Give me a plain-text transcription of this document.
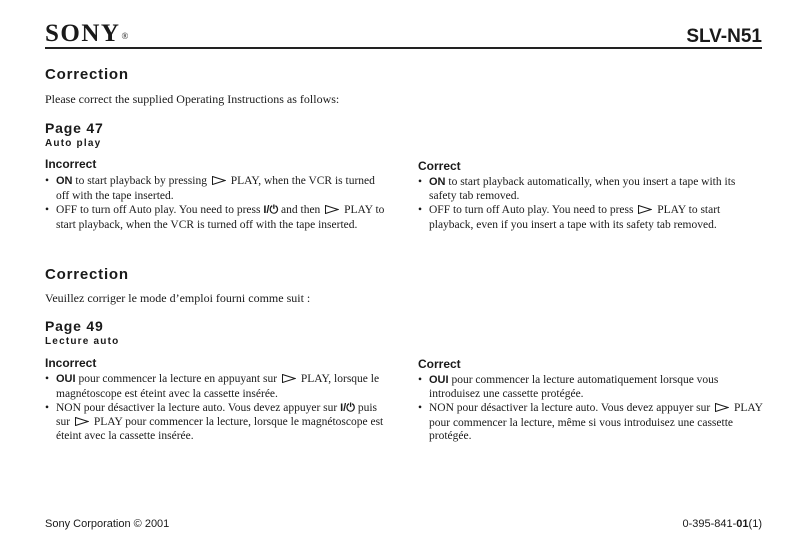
SONY®	SLV-N51
Correction
Please correct the supplied Operating Instructions as follows:
Page 47
Auto play
Incorrect
• ON to start playback by pressing  PLAY, when the VCR is turned off with the tape inserted.
• OFF to turn off Auto play. You need to press I/⏻ and then  PLAY to start playback, when the VCR is turned off with the tape inserted.
Correct
• ON to start playback automatically, when you insert a tape with its safety tab removed.
• OFF to turn off Auto play. You need to press  PLAY to start playback, even if you insert a tape with its safety tab removed.
Correction
Veuillez corriger le mode d’emploi fourni comme suit :
Page 49
Lecture auto
Incorrect
• OUI pour commencer la lecture en appuyant sur  PLAY, lorsque le magnétoscope est éteint avec la cassette insérée.
• NON pour désactiver la lecture auto. Vous devez appuyer sur I/⏻ puis sur  PLAY pour commencer la lecture, lorsque le magnétoscope est éteint avec la cassette insérée.
Correct
• OUI pour commencer la lecture automatiquement lorsque vous introduisez une cassette protégée.
• NON pour désactiver la lecture auto. Vous devez appuyer sur  PLAY pour commencer la lecture, même si vous introduisez une cassette protégée.
Sony Corporation © 2001	0-395-841-01(1)
